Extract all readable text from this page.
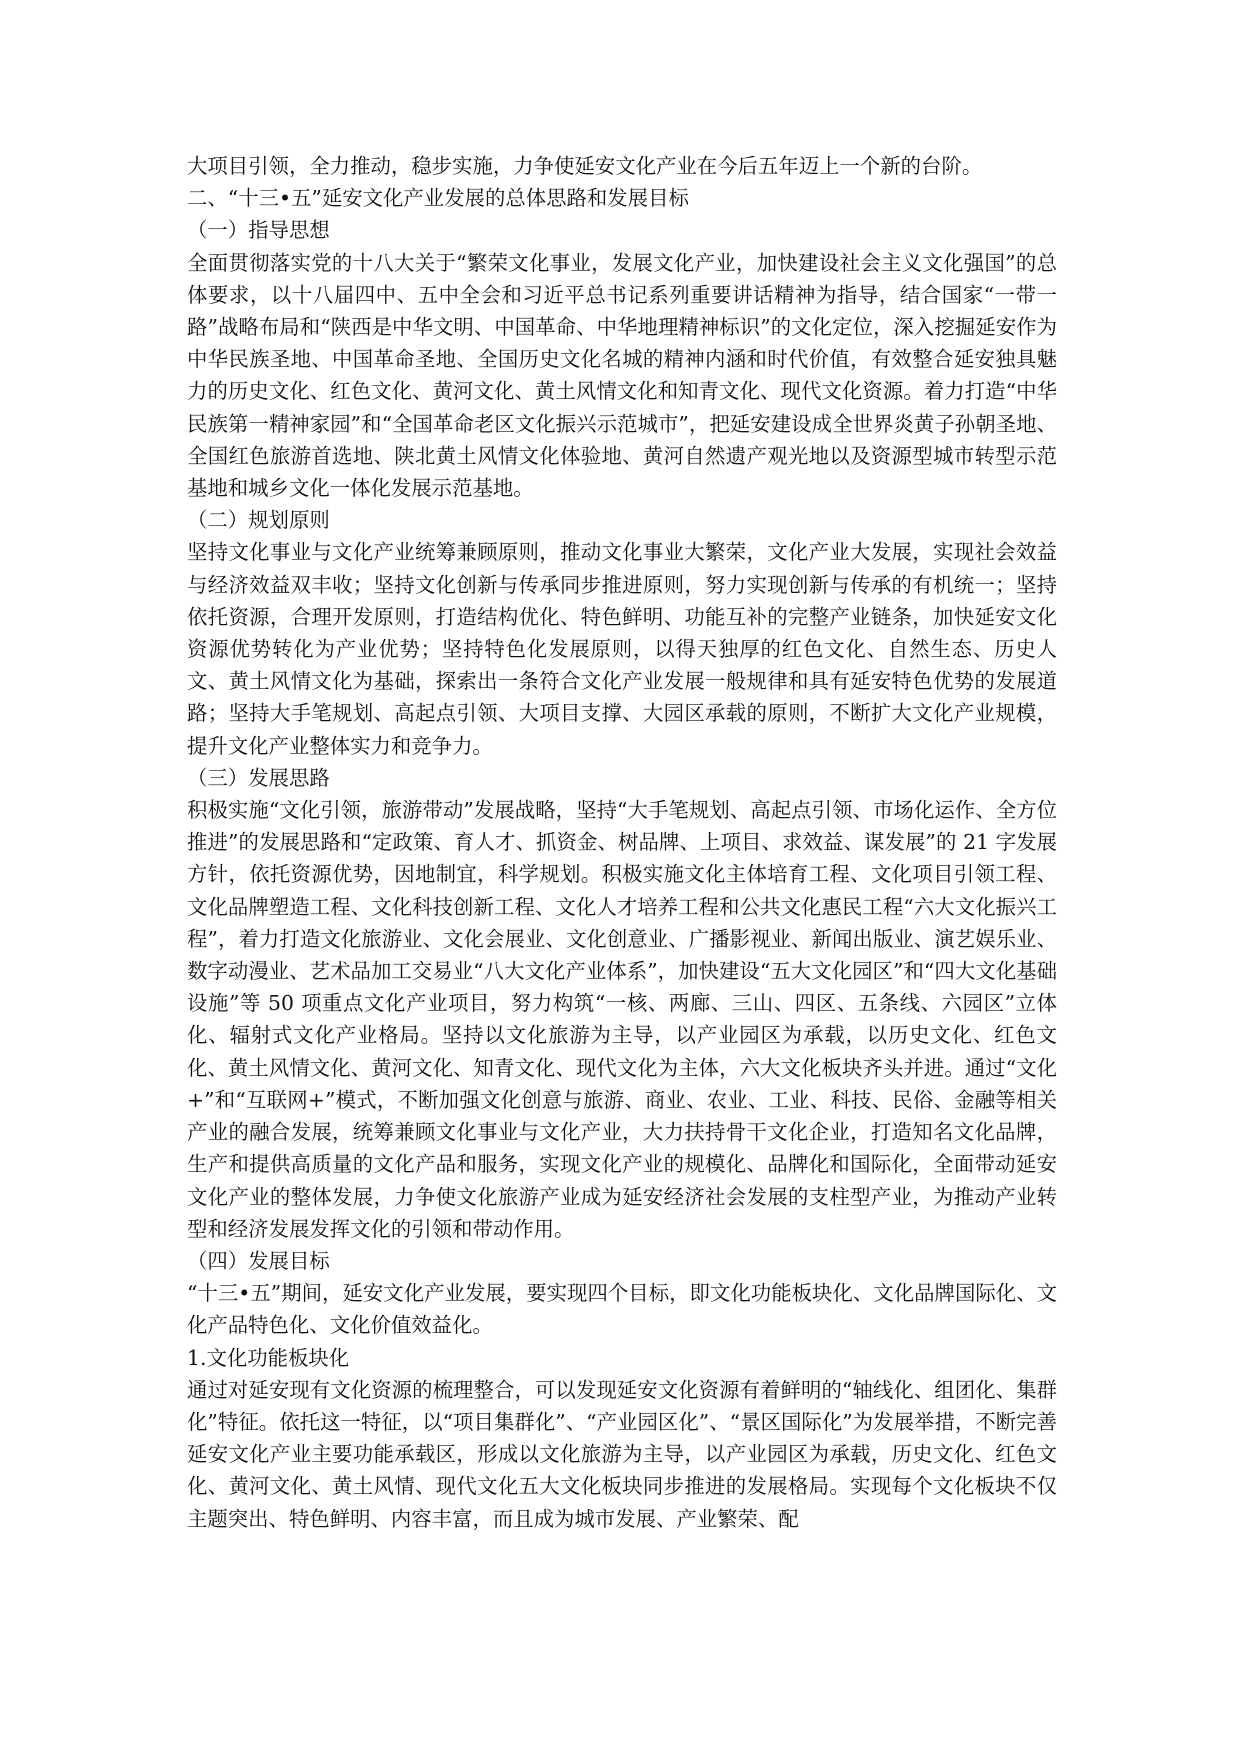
大项目引领，全力推动，稳步实施，力争使延安文化产业在今后五年迈上一个新的台阶。

二、“十三•五”延安文化产业发展的总体思路和发展目标

（一）指导思想

全面贯彻落实党的十八大关于“繁荣文化事业，发展文化产业，加快建设社会主义文化强国”的总体要求，以十八届四中、五中全会和习近平总书记系列重要讲话精神为指导，结合国家“一带一路”战略布局和“陕西是中华文明、中国革命、中华地理精神标识”的文化定位，深入挖掘延安作为中华民族圣地、中国革命圣地、全国历史文化名城的精神内涵和时代价值，有效整合延安独具魅力的历史文化、红色文化、黄河文化、黄土风情文化和知青文化、现代文化资源。着力打造“中华民族第一精神家园”和“全国革命老区文化振兴示范城市”，把延安建设成全世界炎黄子孙朝圣地、全国红色旅游首选地、陕北黄土风情文化体验地、黄河自然遗产观光地以及资源型城市转型示范基地和城乡文化一体化发展示范基地。

（二）规划原则

坚持文化事业与文化产业统筹兼顾原则，推动文化事业大繁荣，文化产业大发展，实现社会效益与经济效益双丰收；坚持文化创新与传承同步推进原则，努力实现创新与传承的有机统一；坚持依托资源，合理开发原则，打造结构优化、特色鲜明、功能互补的完整产业链条，加快延安文化资源优势转化为产业优势；坚持特色化发展原则，以得天独厚的红色文化、自然生态、历史人文、黄土风情文化为基础，探索出一条符合文化产业发展一般规律和具有延安特色优势的发展道路；坚持大手笔规划、高起点引领、大项目支撑、大园区承载的原则，不断扩大文化产业规模，提升文化产业整体实力和竞争力。

（三）发展思路

积极实施“文化引领，旅游带动”发展战略，坚持“大手笔规划、高起点引领、市场化运作、全方位推进”的发展思路和“定政策、育人才、抓资金、树品牌、上项目、求效益、谋发展”的 21 字发展方针，依托资源优势，因地制宜，科学规划。积极实施文化主体培育工程、文化项目引领工程、文化品牌塑造工程、文化科技创新工程、文化人才培养工程和公共文化惠民工程“六大文化振兴工程”，着力打造文化旅游业、文化会展业、文化创意业、广播影视业、新闻出版业、演艺娱乐业、数字动漫业、艺术品加工交易业“八大文化产业体系”，加快建设“五大文化园区”和“四大文化基础设施”等 50 项重点文化产业项目，努力构筑“一核、两廊、三山、四区、五条线、六园区”立体化、辐射式文化产业格局。坚持以文化旅游为主导，以产业园区为承载，以历史文化、红色文化、黄土风情文化、黄河文化、知青文化、现代文化为主体，六大文化板块齐头并进。通过“文化+”和“互联网+”模式，不断加强文化创意与旅游、商业、农业、工业、科技、民俗、金融等相关产业的融合发展，统筹兼顾文化事业与文化产业，大力扶持骨干文化企业，打造知名文化品牌，生产和提供高质量的文化产品和服务，实现文化产业的规模化、品牌化和国际化，全面带动延安文化产业的整体发展，力争使文化旅游产业成为延安经济社会发展的支柱型产业，为推动产业转型和经济发展发挥文化的引领和带动作用。

（四）发展目标

“十三•五”期间，延安文化产业发展，要实现四个目标，即文化功能板块化、文化品牌国际化、文化产品特色化、文化价值效益化。

1.文化功能板块化

通过对延安现有文化资源的梳理整合，可以发现延安文化资源有着鲜明的“轴线化、组团化、集群化”特征。依托这一特征，以“项目集群化”、“产业园区化”、“景区国际化”为发展举措，不断完善延安文化产业主要功能承载区，形成以文化旅游为主导，以产业园区为承载，历史文化、红色文化、黄河文化、黄土风情、现代文化五大文化板块同步推进的发展格局。实现每个文化板块不仅主题突出、特色鲜明、内容丰富，而且成为城市发展、产业繁荣、配
